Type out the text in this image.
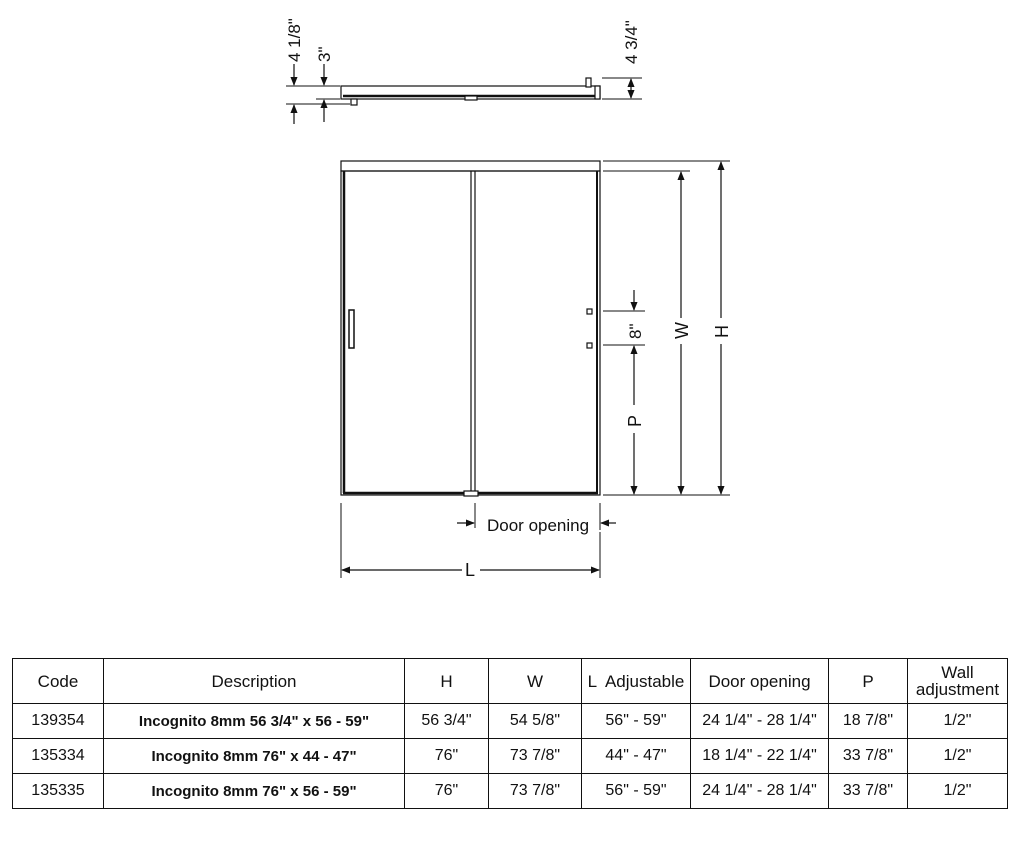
4 1/8" 3"	4 3/4"
8"
P
W H
Door opening
L
Code	Description	H	W	L  Adjustable	Door opening	P	Wall adjustment
139354	Incognito 8mm 56 3/4" x 56 - 59"	56 3/4"	54 5/8"	56" - 59"	24 1/4" - 28 1/4"	18 7/8"	1/2"
135334	Incognito 8mm 76" x 44 - 47"	76"	73 7/8"	44" - 47"	18 1/4" - 22 1/4"	33 7/8"	1/2"
135335	Incognito 8mm 76" x 56 - 59"	76"	73 7/8"	56" - 59"	24 1/4" - 28 1/4"	33 7/8"	1/2"
